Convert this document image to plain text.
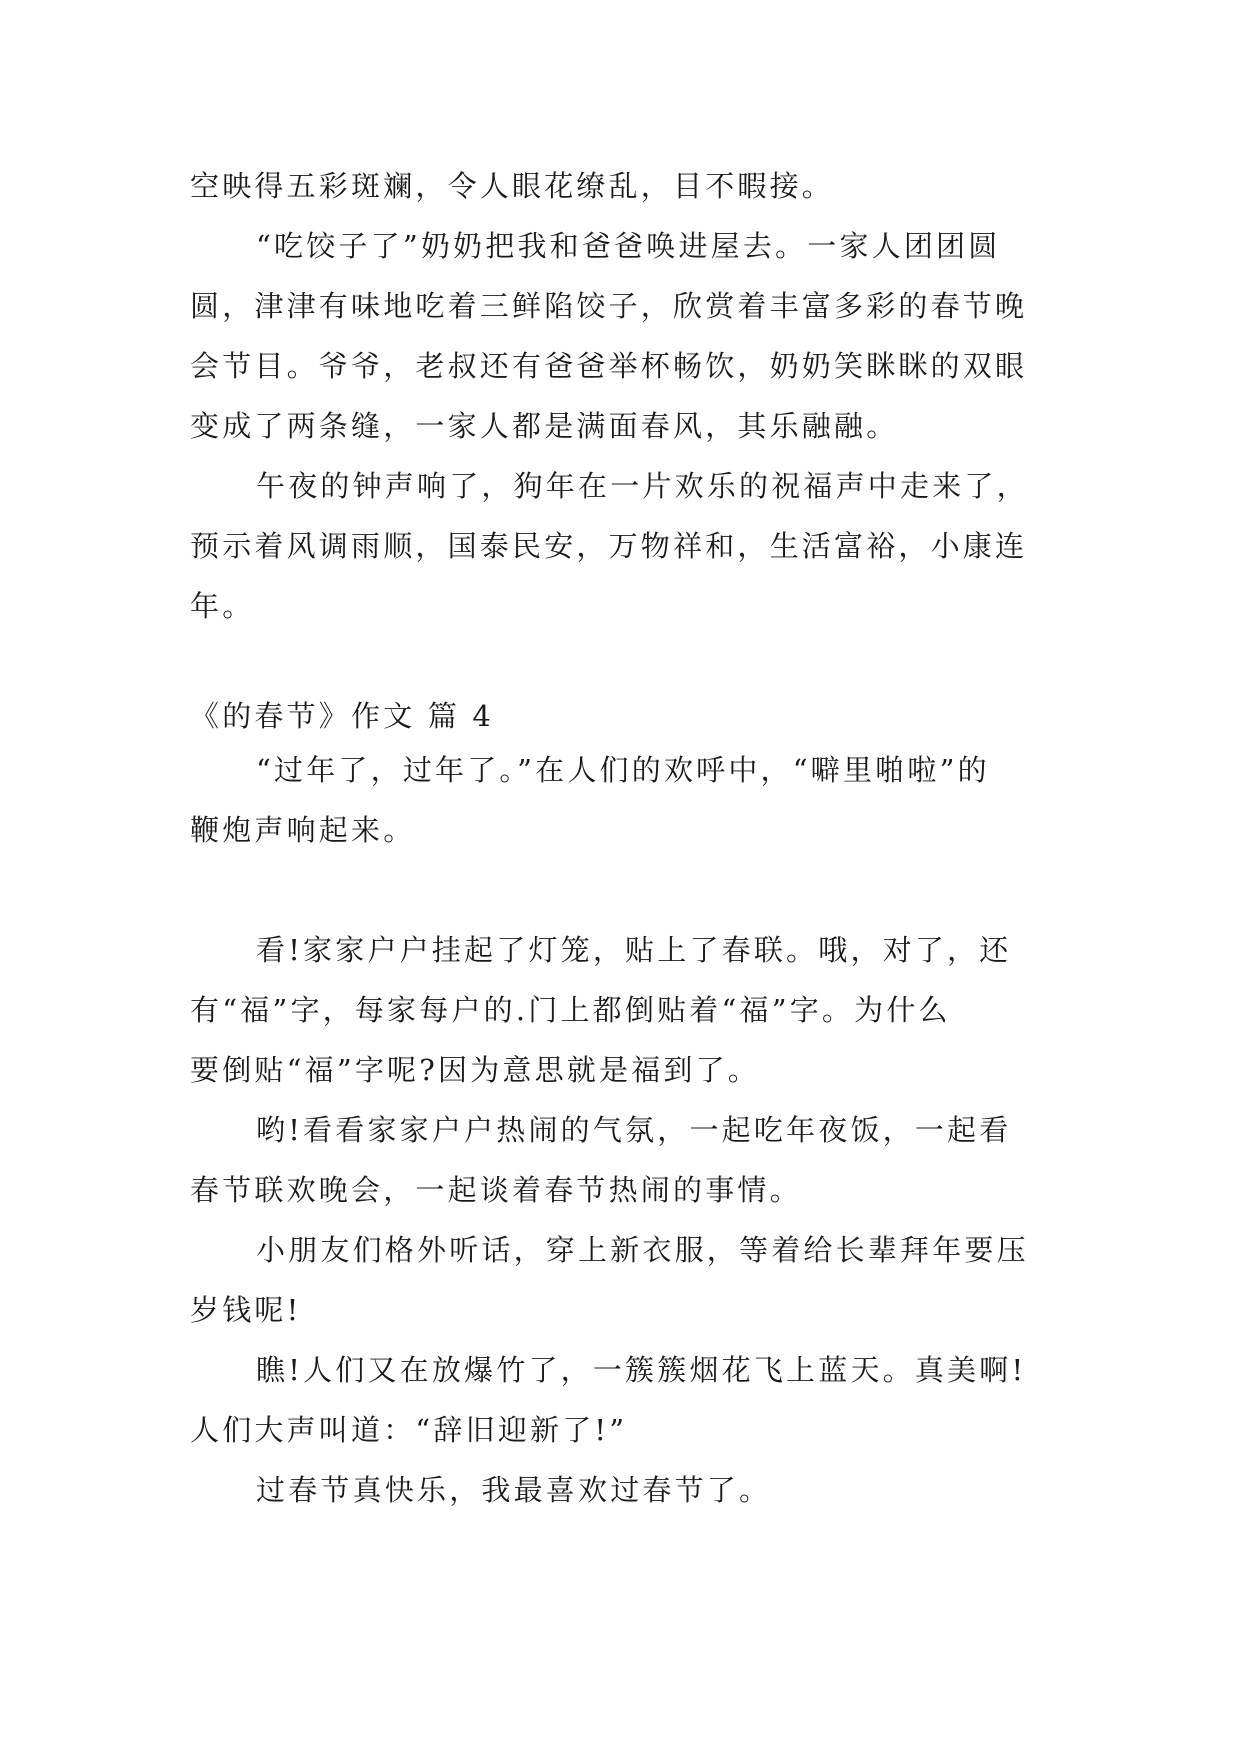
空映得五彩斑斓，令人眼花缭乱，目不暇接。
“吃饺子了”奶奶把我和爸爸唤进屋去。一家人团团圆
圆，津津有味地吃着三鲜陷饺子，欣赏着丰富多彩的春节晚
会节目。爷爷，老叔还有爸爸举杯畅饮，奶奶笑眯眯的双眼
变成了两条缝，一家人都是满面春风，其乐融融。
午夜的钟声响了，狗年在一片欢乐的祝福声中走来了，
预示着风调雨顺，国泰民安，万物祥和，生活富裕，小康连
年。
《的春节》作文 篇 4
“过年了，过年了。”在人们的欢呼中，“噼里啪啦”的
鞭炮声响起来。
看!家家户户挂起了灯笼，贴上了春联。哦，对了，还
有“福”字，每家每户的.门上都倒贴着“福”字。为什么
要倒贴“福”字呢?因为意思就是福到了。
哟!看看家家户户热闹的气氛，一起吃年夜饭，一起看
春节联欢晚会，一起谈着春节热闹的事情。
小朋友们格外听话，穿上新衣服，等着给长辈拜年要压
岁钱呢!
瞧!人们又在放爆竹了，一簇簇烟花飞上蓝天。真美啊!
人们大声叫道：“辞旧迎新了!”
过春节真快乐，我最喜欢过春节了。
